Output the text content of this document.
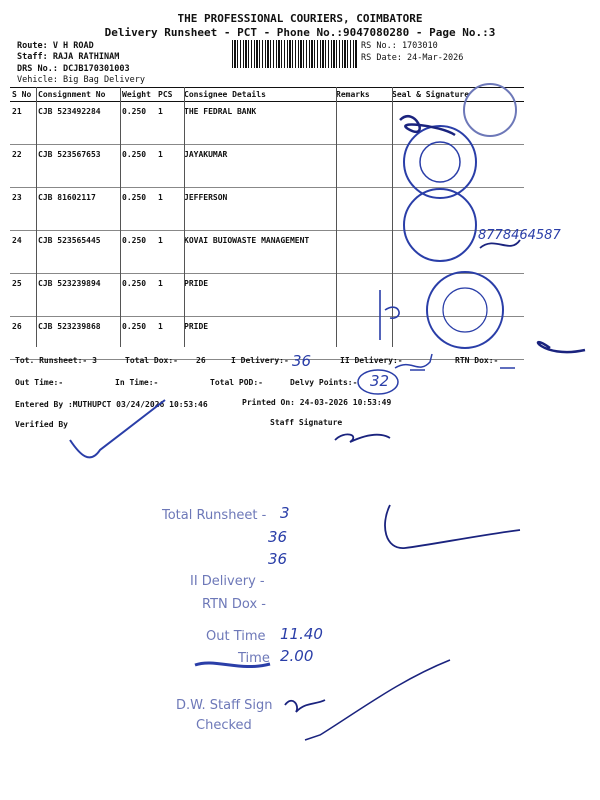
THE PROFESSIONAL COURIERS, COIMBATORE
Delivery Runsheet - PCT - Phone No.:9047080280 - Page No.:3
Route: V H ROAD
Staff: RAJA RATHINAM
DRS No.: DCJB170301003
Vehicle: Big Bag Delivery
RS No.: 1703010
RS Date: 24-Mar-2026
S No	Consignment No	Weight	PCS	Consignee Details	Remarks	Seal & Signature
21	CJB 523492284	0.250	1	THE FEDRAL BANK		
22	CJB 523567653	0.250	1	JAYAKUMAR		
23	CJB 81602117	0.250	1	JEFFERSON		
24	CJB 523565445	0.250	1	KOVAI BUIOWASTE MANAGEMENT		
25	CJB 523239894	0.250	1	PRIDE		
26	CJB 523239868	0.250	1	PRIDE		
8778464587
Tot. Runsheet:- 3	Total Dox:- 26	I Delivery:- 36	II Delivery:-	RTN Dox:-
Out Time:-	In Time:-	Total POD:-	Delvy Points:- 32
Entered By :MUTHUPCT 03/24/2026 10:53:46	Printed On: 24-03-2026 10:53:49
Verified By	Staff Signature
Total Runsheet - 3
36
36
II Delivery -
RTN Dox -
Out Time 11.40
Time 2.00
D.W. Staff Sign
Checked
